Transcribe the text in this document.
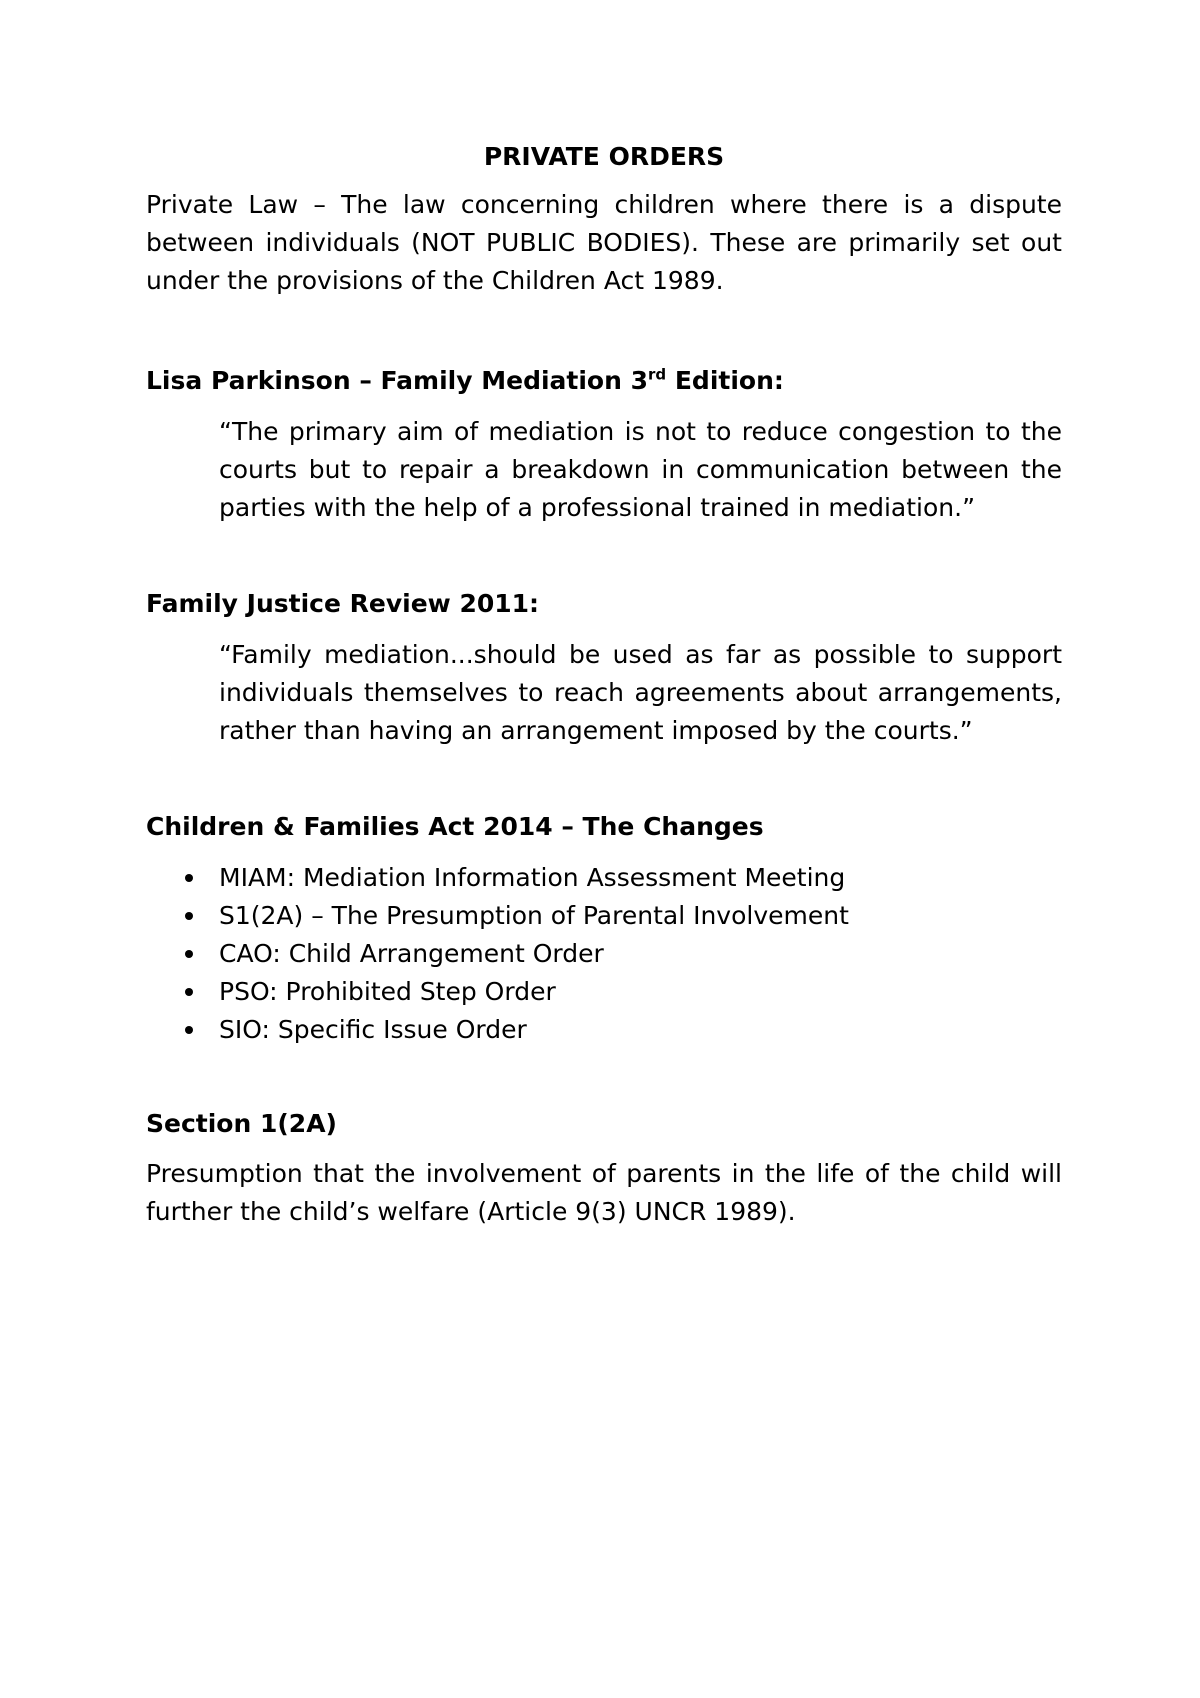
PRIVATE ORDERS

Private Law – The law concerning children where there is a dispute between individuals (NOT PUBLIC BODIES). These are primarily set out under the provisions of the Children Act 1989.

Lisa Parkinson – Family Mediation 3rd Edition:

“The primary aim of mediation is not to reduce congestion to the courts but to repair a breakdown in communication between the parties with the help of a professional trained in mediation.”

Family Justice Review 2011:

“Family mediation...should be used as far as possible to support individuals themselves to reach agreements about arrangements, rather than having an arrangement imposed by the courts.”

Children & Families Act 2014 – The Changes
MIAM: Mediation Information Assessment Meeting
S1(2A) – The Presumption of Parental Involvement
CAO: Child Arrangement Order
PSO: Prohibited Step Order
SIO: Specific Issue Order
Section 1(2A)

Presumption that the involvement of parents in the life of the child will further the child’s welfare (Article 9(3) UNCR 1989).
